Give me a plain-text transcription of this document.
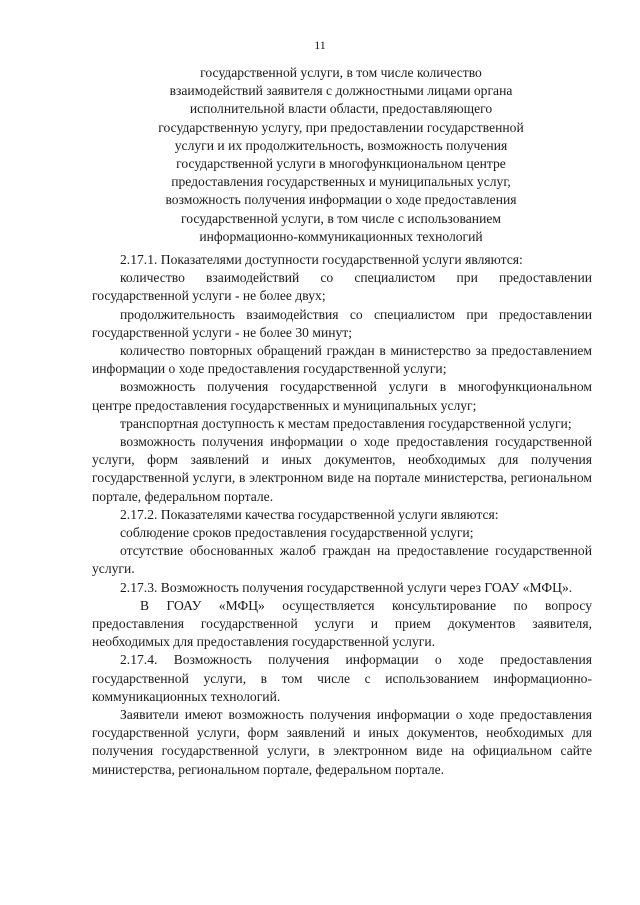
11
государственной услуги, в том числе количество
взаимодействий заявителя с должностными лицами органа
исполнительной власти области, предоставляющего
государственную услугу, при предоставлении государственной
услуги и их продолжительность, возможность получения
государственной услуги в многофункциональном центре
предоставления государственных и муниципальных услуг,
возможность получения информации о ходе предоставления
государственной услуги, в том числе с использованием
информационно-коммуникационных технологий

2.17.1. Показателями доступности государственной услуги являются:

количество взаимодействий со специалистом при предоставлении государственной услуги - не более двух;

продолжительность взаимодействия со специалистом при предоставлении государственной услуги - не более 30 минут;

количество повторных обращений граждан в министерство за предоставлением информации о ходе предоставления государственной услуги;

возможность получения государственной услуги в многофункциональном центре предоставления государственных и муниципальных услуг;

транспортная доступность к местам предоставления государственной услуги;

возможность получения информации о ходе предоставления государственной услуги, форм заявлений и иных документов, необходимых для получения государственной услуги, в электронном виде на портале министерства, региональном портале, федеральном портале.

2.17.2. Показателями качества государственной услуги являются:

соблюдение сроков предоставления государственной услуги;

отсутствие обоснованных жалоб граждан на предоставление государственной услуги.

2.17.3. Возможность получения государственной услуги через ГОАУ «МФЦ».

В ГОАУ «МФЦ» осуществляется консультирование по вопросу предоставления государственной услуги и прием документов заявителя, необходимых для предоставления государственной услуги.

2.17.4. Возможность получения информации о ходе предоставления государственной услуги, в том числе с использованием информационно-коммуникационных технологий.

Заявители имеют возможность получения информации о ходе предоставления государственной услуги, форм заявлений и иных документов, необходимых для получения государственной услуги, в электронном виде на официальном сайте министерства, региональном портале, федеральном портале.
